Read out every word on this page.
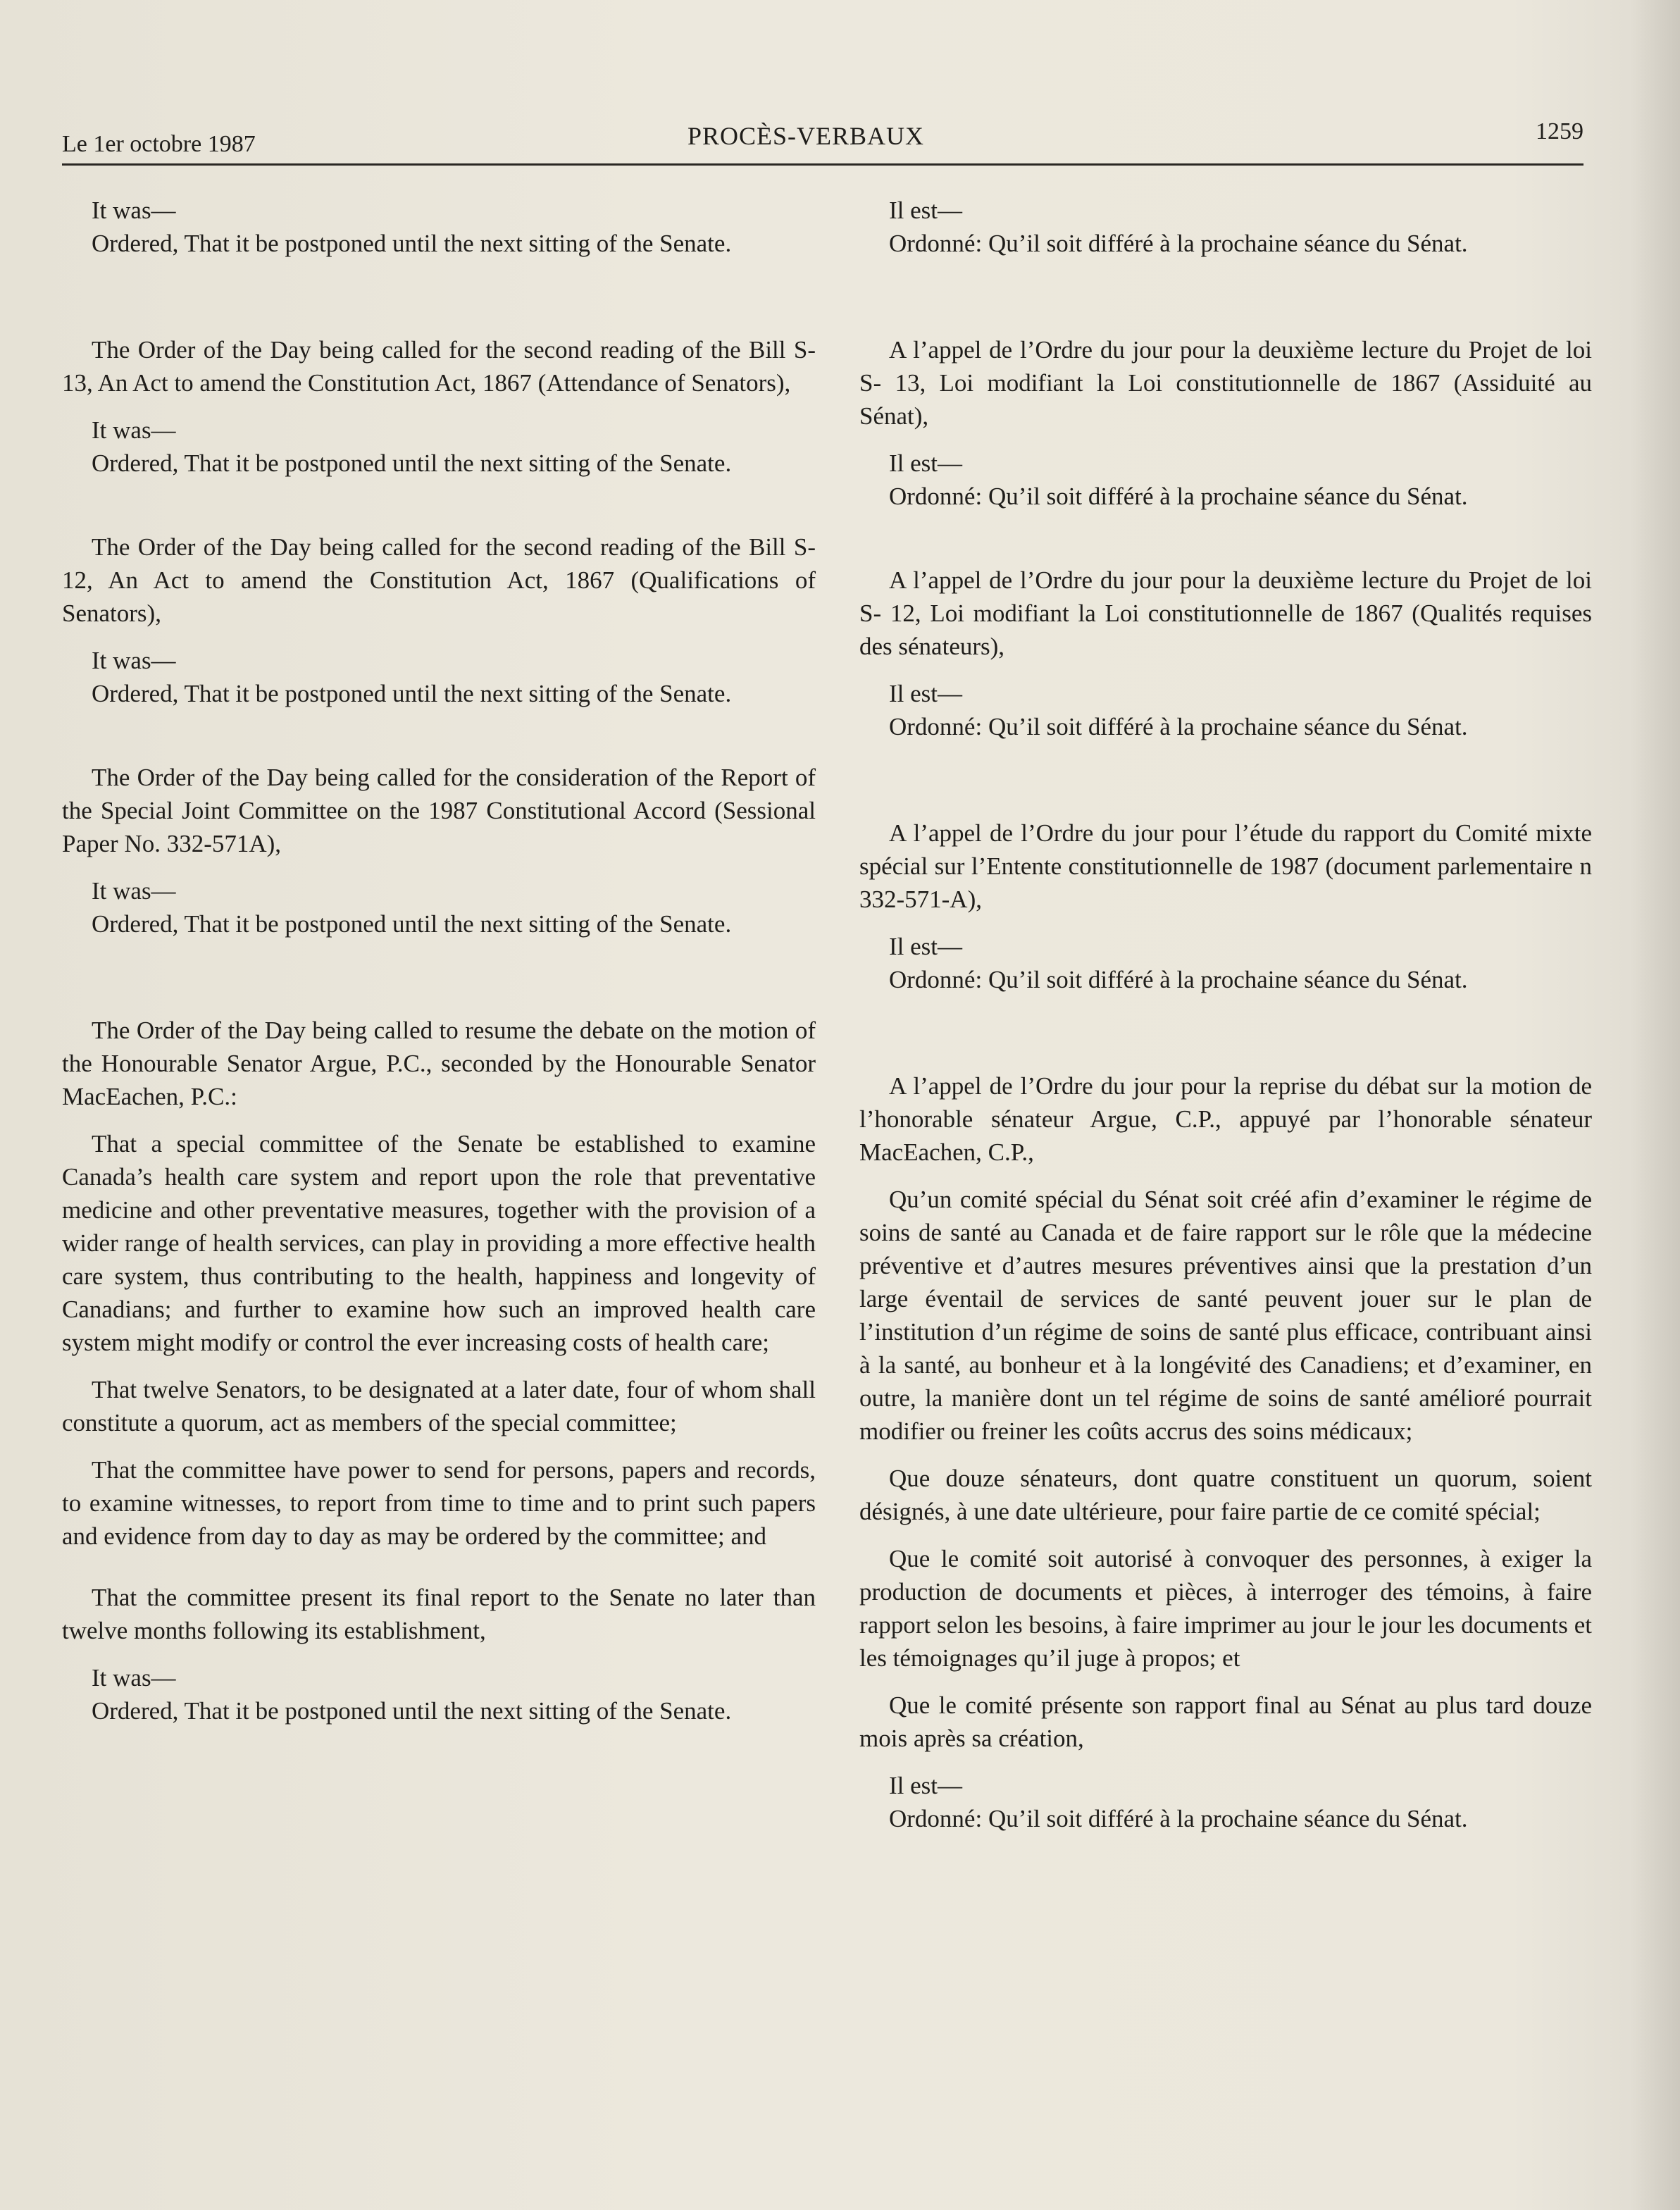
Le 1er octobre 1987	PROCÈS-VERBAUX	1259

It was—

Ordered, That it be postponed until the next sitting of the Senate.

The Order of the Day being called for the second reading of the Bill S-13, An Act to amend the Constitution Act, 1867 (Attendance of Senators),

It was—

Ordered, That it be postponed until the next sitting of the Senate.

The Order of the Day being called for the second reading of the Bill S-12, An Act to amend the Constitution Act, 1867 (Qualifications of Senators),

It was—

Ordered, That it be postponed until the next sitting of the Senate.

The Order of the Day being called for the consideration of the Report of the Special Joint Committee on the 1987 Constitutional Accord (Sessional Paper No. 332-571A),

It was—

Ordered, That it be postponed until the next sitting of the Senate.

The Order of the Day being called to resume the debate on the motion of the Honourable Senator Argue, P.C., seconded by the Honourable Senator MacEachen, P.C.:

That a special committee of the Senate be established to examine Canada’s health care system and report upon the role that preventative medicine and other preventative measures, together with the provision of a wider range of health services, can play in providing a more effective health care system, thus contributing to the health, happiness and longevity of Canadians; and further to examine how such an improved health care system might modify or control the ever increasing costs of health care;

That twelve Senators, to be designated at a later date, four of whom shall constitute a quorum, act as members of the special committee;

That the committee have power to send for persons, papers and records, to examine witnesses, to report from time to time and to print such papers and evidence from day to day as may be ordered by the committee; and

That the committee present its final report to the Senate no later than twelve months following its establishment,

It was—

Ordered, That it be postponed until the next sitting of the Senate.

Il est—

Ordonné: Qu’il soit différé à la prochaine séance du Sénat.

A l’appel de l’Ordre du jour pour la deuxième lecture du Projet de loi S- 13, Loi modifiant la Loi constitutionnelle de 1867 (Assiduité au Sénat),

Il est—

Ordonné: Qu’il soit différé à la prochaine séance du Sénat.

A l’appel de l’Ordre du jour pour la deuxième lecture du Projet de loi S- 12, Loi modifiant la Loi constitutionnelle de 1867 (Qualités requises des sénateurs),

Il est—

Ordonné: Qu’il soit différé à la prochaine séance du Sénat.

A l’appel de l’Ordre du jour pour l’étude du rapport du Comité mixte spécial sur l’Entente constitutionnelle de 1987 (document parlementaire n 332-571-A),

Il est—

Ordonné: Qu’il soit différé à la prochaine séance du Sénat.

A l’appel de l’Ordre du jour pour la reprise du débat sur la motion de l’honorable sénateur Argue, C.P., appuyé par l’honorable sénateur MacEachen, C.P.,

Qu’un comité spécial du Sénat soit créé afin d’examiner le régime de soins de santé au Canada et de faire rapport sur le rôle que la médecine préventive et d’autres mesures préventives ainsi que la prestation d’un large éventail de services de santé peuvent jouer sur le plan de l’institution d’un régime de soins de santé plus efficace, contribuant ainsi à la santé, au bonheur et à la longévité des Canadiens; et d’examiner, en outre, la manière dont un tel régime de soins de santé amélioré pourrait modifier ou freiner les coûts accrus des soins médicaux;

Que douze sénateurs, dont quatre constituent un quorum, soient désignés, à une date ultérieure, pour faire partie de ce comité spécial;

Que le comité soit autorisé à convoquer des personnes, à exiger la production de documents et pièces, à interroger des témoins, à faire rapport selon les besoins, à faire imprimer au jour le jour les documents et les témoignages qu’il juge à propos; et

Que le comité présente son rapport final au Sénat au plus tard douze mois après sa création,

Il est—

Ordonné: Qu’il soit différé à la prochaine séance du Sénat.
